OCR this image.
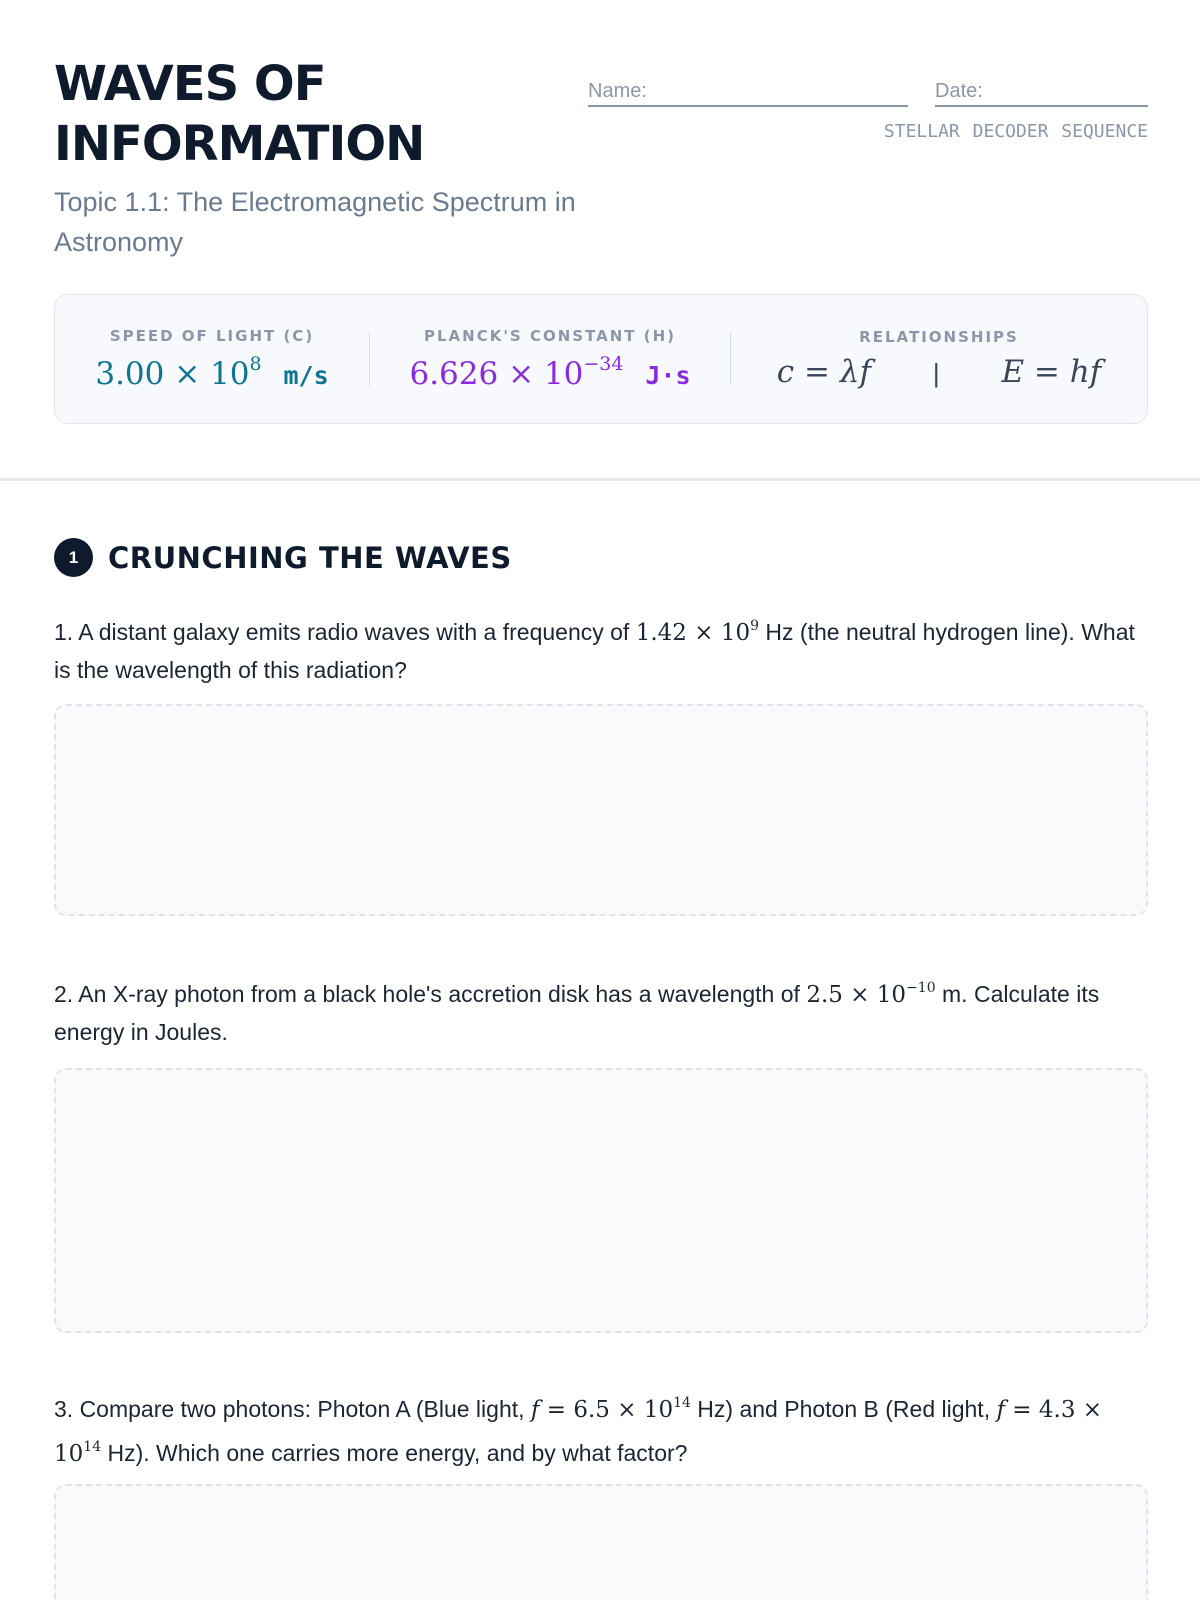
WAVES OF
INFORMATION
Topic 1.1: The Electromagnetic Spectrum in Astronomy
Name:	Date:
STELLAR DECODER SEQUENCE
SPEED OF LIGHT (C)
$3.00 \times 10^8$ m/s
PLANCK'S CONSTANT (H)
$6.626 \times 10^{-34}$ J·s
RELATIONSHIPS
c = λf | E = hf
1	CRUNCHING THE WAVES
1. A distant galaxy emits radio waves with a frequency of $1.42 \times 10^9$ Hz (the neutral hydrogen line). What is the wavelength of this radiation?
2. An X-ray photon from a black hole's accretion disk has a wavelength of $2.5 \times 10^{-10}$ m. Calculate its energy in Joules.
3. Compare two photons: Photon A (Blue light, $f = 6.5 \times 10^{14}$ Hz) and Photon B (Red light, $f = 4.3 \times 10^{14}$ Hz). Which one carries more energy, and by what factor?
